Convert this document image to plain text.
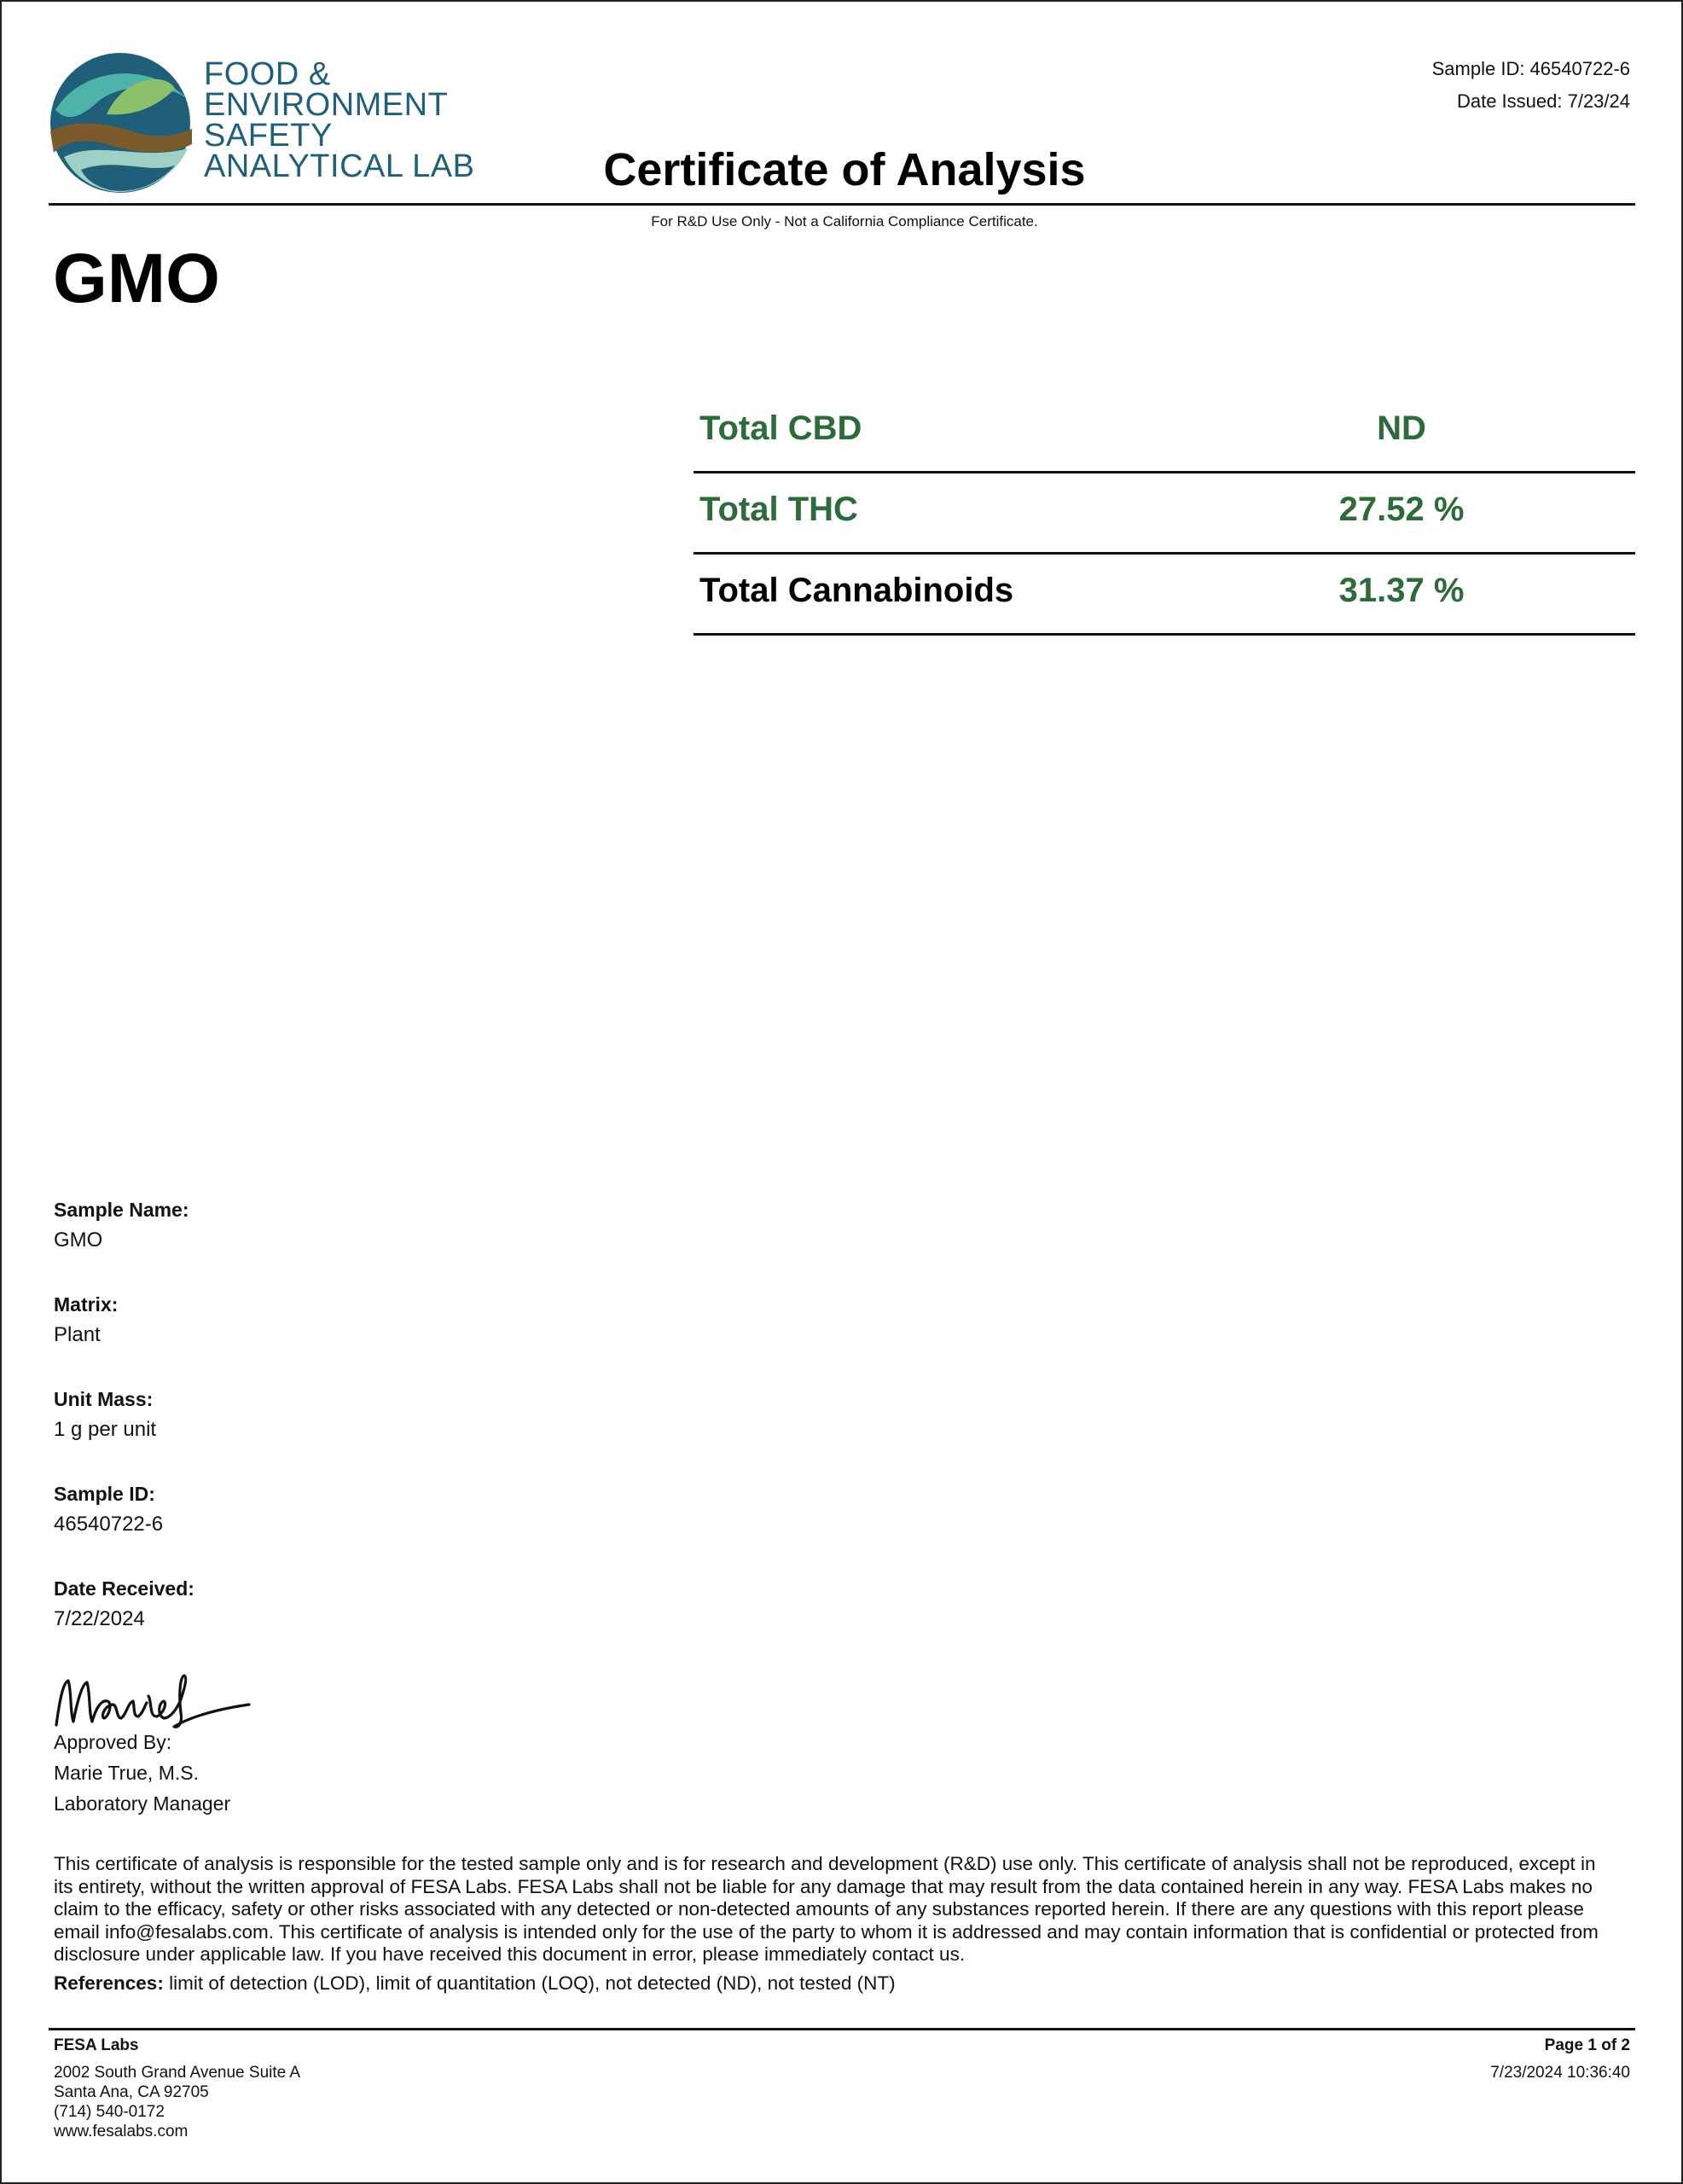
FOOD &
ENVIRONMENT
SAFETY
ANALYTICAL LAB
Sample ID: 46540722-6
Date Issued: 7/23/24
Certificate of Analysis
For R&D Use Only - Not a California Compliance Certificate.
GMO
Total CBD	ND
Total THC	27.52 %
Total Cannabinoids	31.37 %
Sample Name:
GMO
Matrix:
Plant
Unit Mass:
1 g per unit
Sample ID:
46540722-6
Date Received:
7/22/2024
Approved By:
Marie True, M.S.
Laboratory Manager
This certificate of analysis is responsible for the tested sample only and is for research and development (R&D) use only. This certificate of analysis shall not be reproduced, except in its entirety, without the written approval of FESA Labs. FESA Labs shall not be liable for any damage that may result from the data contained herein in any way. FESA Labs makes no claim to the efficacy, safety or other risks associated with any detected or non-detected amounts of any substances reported herein. If there are any questions with this report please email info@fesalabs.com. This certificate of analysis is intended only for the use of the party to whom it is addressed and may contain information that is confidential or protected from disclosure under applicable law. If you have received this document in error, please immediately contact us.
References: limit of detection (LOD), limit of quantitation (LOQ), not detected (ND), not tested (NT)
FESA Labs
2002 South Grand Avenue Suite A
Santa Ana, CA 92705
(714) 540-0172
www.fesalabs.com
Page 1 of 2
7/23/2024 10:36:40
